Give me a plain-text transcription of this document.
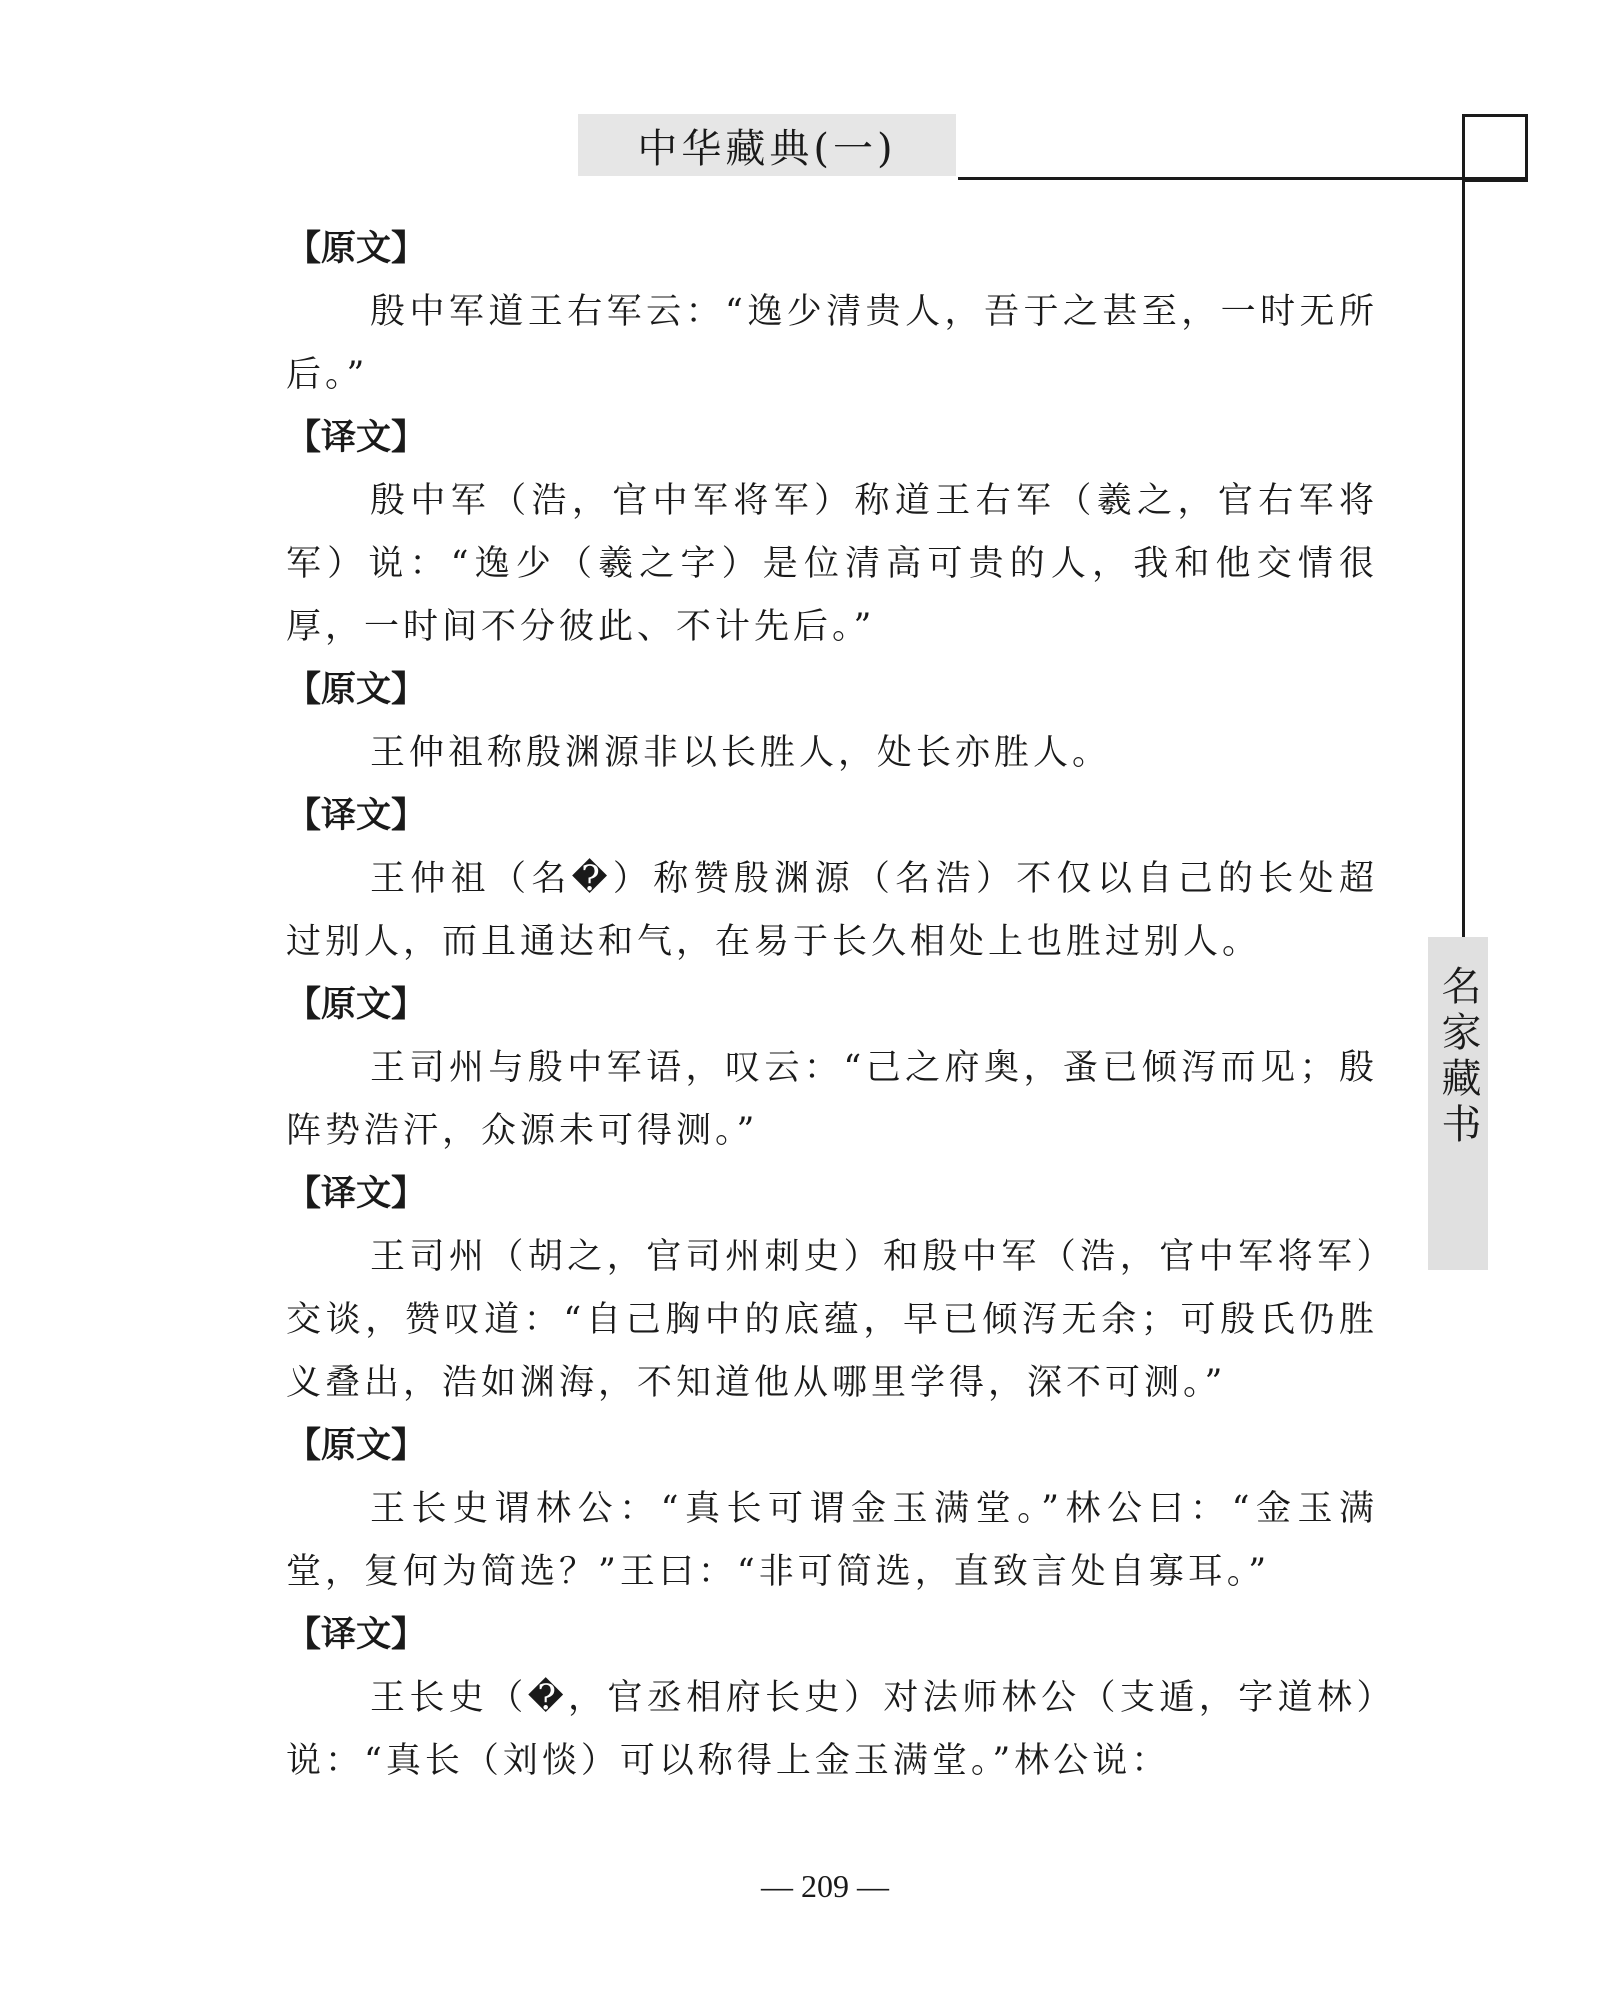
中华藏典(一)
名家藏书
【原文】

殷中军道王右军云：“逸少清贵人，吾于之甚至，一时无所后。”

【译文】

殷中军（浩，官中军将军）称道王右军（羲之，官右军将军）说：“逸少（羲之字）是位清高可贵的人，我和他交情很厚，一时间不分彼此、不计先后。”

【原文】

王仲祖称殷渊源非以长胜人，处长亦胜人。

【译文】

王仲祖（名�）称赞殷渊源（名浩）不仅以自己的长处超过别人，而且通达和气，在易于长久相处上也胜过别人。

【原文】

王司州与殷中军语，叹云：“己之府奥，蚤已倾泻而见；殷阵势浩汗，众源未可得测。”

【译文】

王司州（胡之，官司州刺史）和殷中军（浩，官中军将军）交谈，赞叹道：“自己胸中的底蕴，早已倾泻无余；可殷氏仍胜义叠出，浩如渊海，不知道他从哪里学得，深不可测。”

【原文】

王长史谓林公：“真长可谓金玉满堂。”林公曰：“金玉满堂，复何为简选？”王曰：“非可简选，直致言处自寡耳。”

【译文】

王长史（�，官丞相府长史）对法师林公（支遁，字道林）说：“真长（刘惔）可以称得上金玉满堂。”林公说：

— 209 —
